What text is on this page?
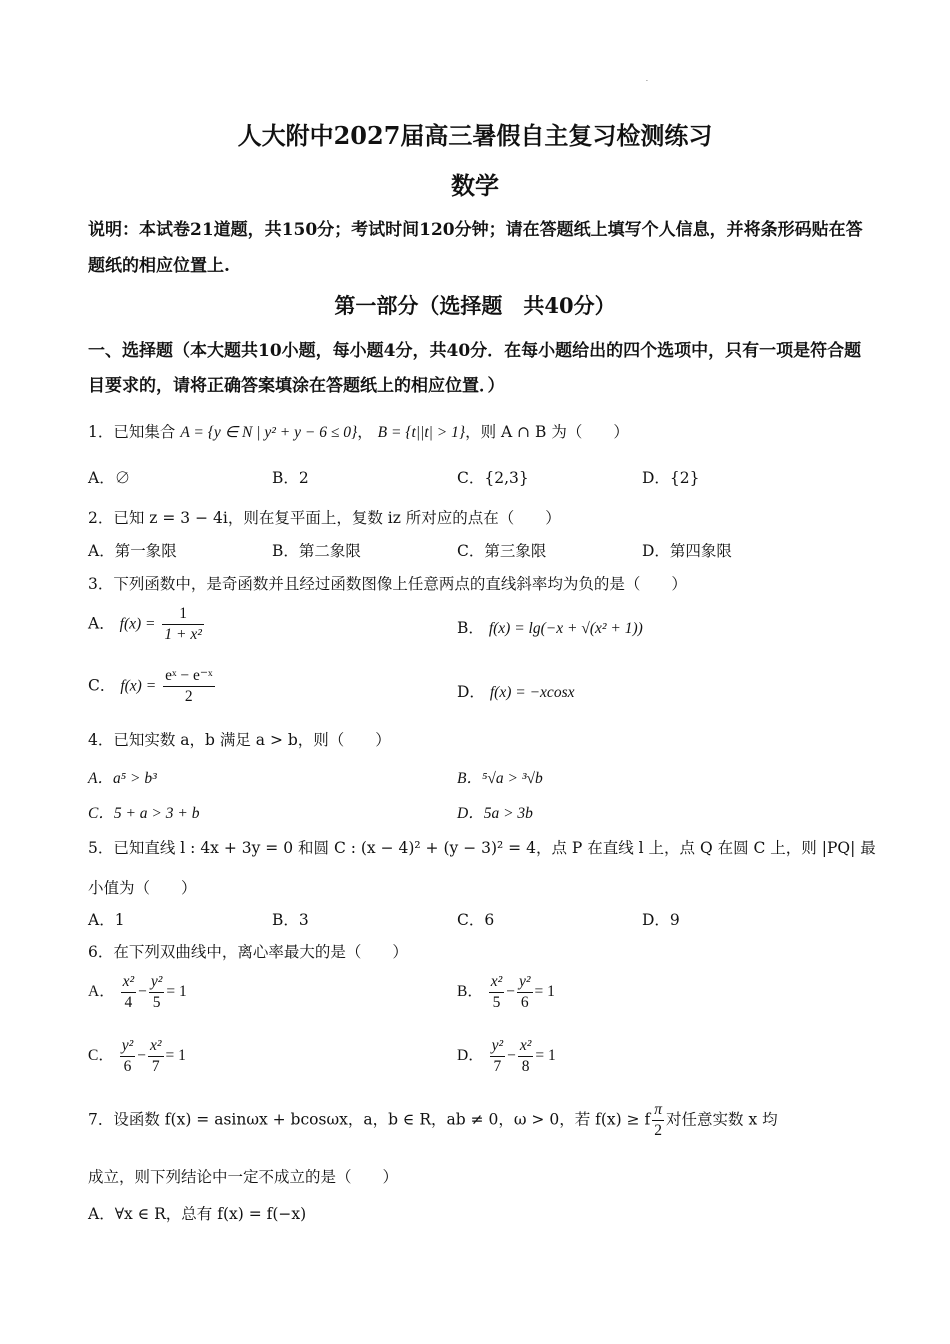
·
人大附中2027届高三暑假自主复习检测练习
数学
说明：本试卷21道题，共150分；考试时间120分钟；请在答题纸上填写个人信息，并将条形码贴在答题纸的相应位置上.
第一部分（选择题　共40分）
一、选择题（本大题共10小题，每小题4分，共40分．在每小题给出的四个选项中，只有一项是符合题目要求的，请将正确答案填涂在答题纸上的相应位置．）
1．已知集合 A = {y ∈ N | y² + y − 6 ≤ 0}， B = {t||t| > 1}，则 A ∩ B 为（　　）
A．∅	B．2	C．{2,3}	D．{2}
2．已知 z = 3 − 4i，则在复平面上，复数 iz 所对应的点在（　　）
A．第一象限	B．第二象限	C．第三象限	D．第四象限
3．下列函数中，是奇函数并且经过函数图像上任意两点的直线斜率均为负的是（　　）
A． $f(x) = \frac{1}{\text{1 + x²}}$	B． f(x) = lg(−x + √(x² + 1))
C． $f(x) = \frac{\text{eˣ − e⁻ˣ}}{2}$	D． f(x) = −xcosx
4．已知实数 a，b 满足 a > b，则（　　）
A．a⁵ > b³	B．⁵√a > ³√b
C．5 + a > 3 + b	D．5a > 3b
5．已知直线 l : 4x + 3y = 0 和圆 C : (x − 4)² + (y − 3)² = 4，点 P 在直线 l 上，点 Q 在圆 C 上，则 |PQ| 最
小值为（　　）
A．1	B．3	C．6	D．9
6．在下列双曲线中，离心率最大的是（　　）
A． $\frac{\text{x²}}{4} - \frac{\text{y²}}{5} = 1$	B． $\frac{\text{x²}}{5} - \frac{\text{y²}}{6} = 1$
C． $\frac{\text{y²}}{6} - \frac{\text{x²}}{7} = 1$	D． $\frac{\text{y²}}{7} - \frac{\text{x²}}{8} = 1$
7．设函数 f(x) = asinωx + bcosωx，a，b ∈ R，ab ≠ 0，ω > 0，若 f(x) ≥ f $\frac{\pi}{2}$ 对任意实数 x 均
成立，则下列结论中一定不成立的是（　　）
A．∀x ∈ R，总有 f(x) = f(−x)
